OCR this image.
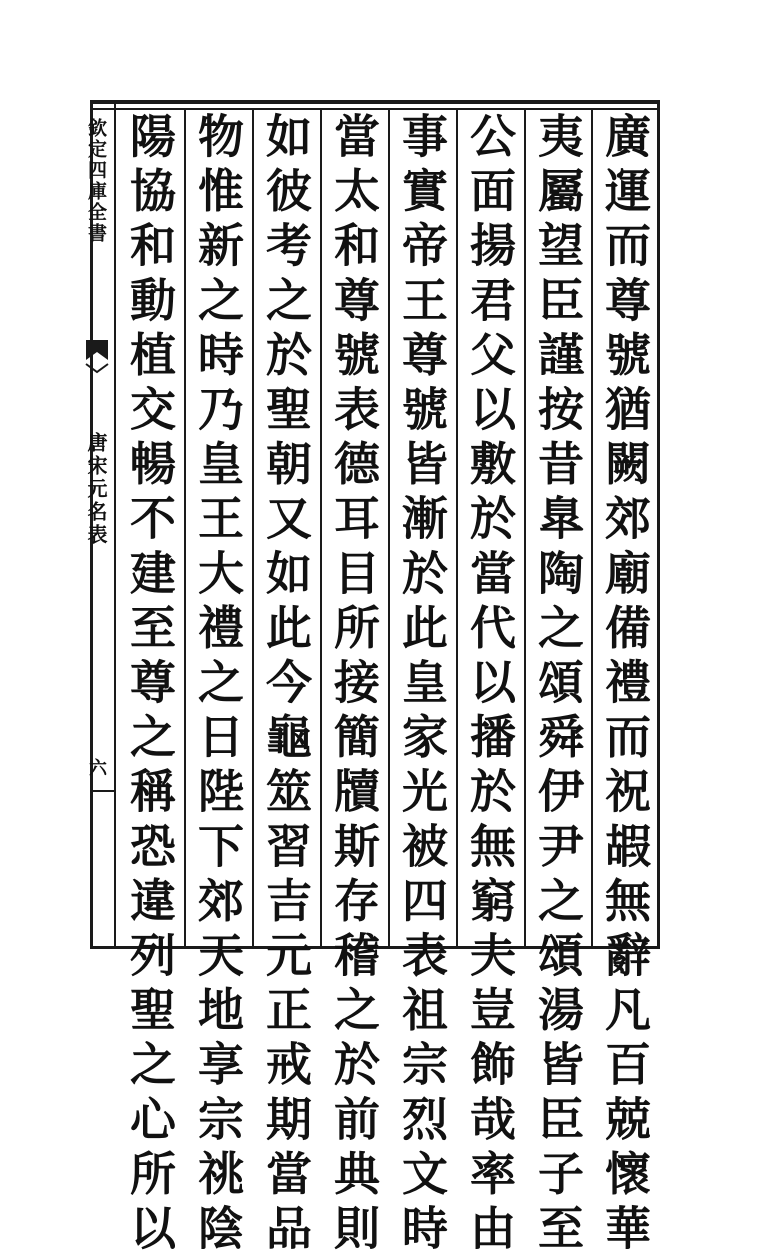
欽定四庫全書
唐宋元名表
六	廣運而尊號猶闕郊廟備禮而祝嘏無辭凡百兢懷華
夷屬望臣謹按昔臯陶之頌舜伊尹之頌湯皆臣子至
公面揚君父以敷於當代以播於無窮夫豈飾哉率由
事實帝王尊號皆漸於此皇家光被四表祖宗烈文時
當太和尊號表德耳目所接簡牘斯存稽之於前典則
如彼考之於聖朝又如此今龜筮習吉元正戒期當品
物惟新之時乃皇王大禮之日陛下郊天地享宗祧陰
陽協和動植交暢不建至尊之稱恐違列聖之心所以
